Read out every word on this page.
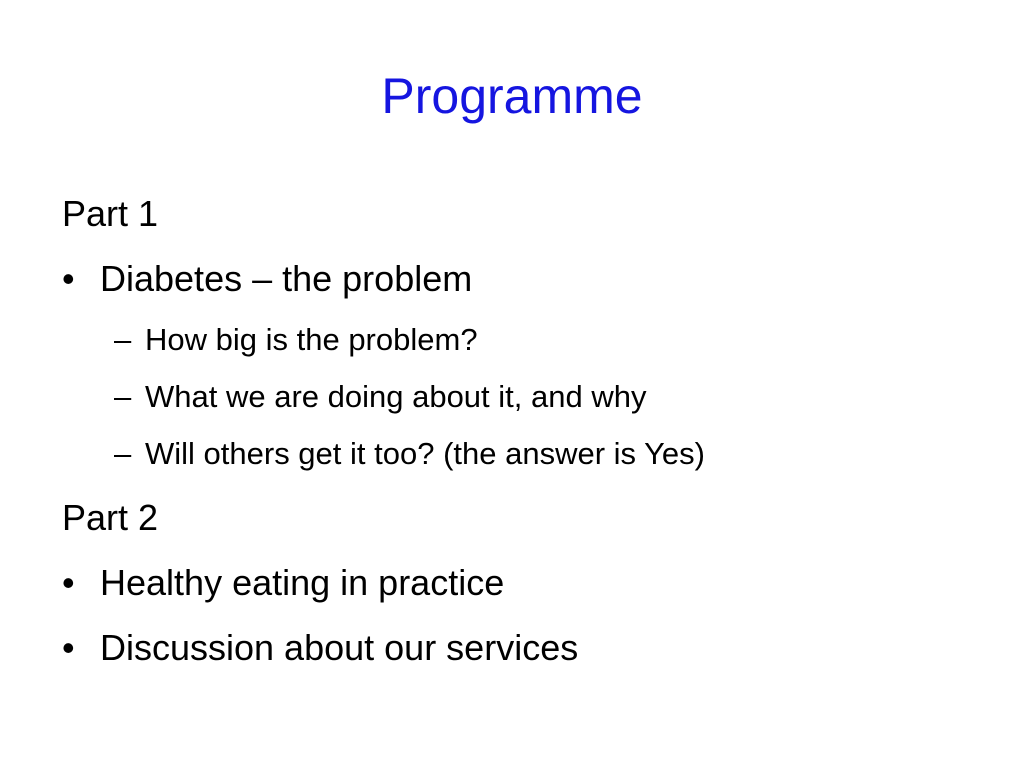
Programme
Part 1
• Diabetes – the problem
– How big is the problem?
– What we are doing about it, and why
– Will others get it too? (the answer is Yes)
Part 2
• Healthy eating in practice
• Discussion about our services
